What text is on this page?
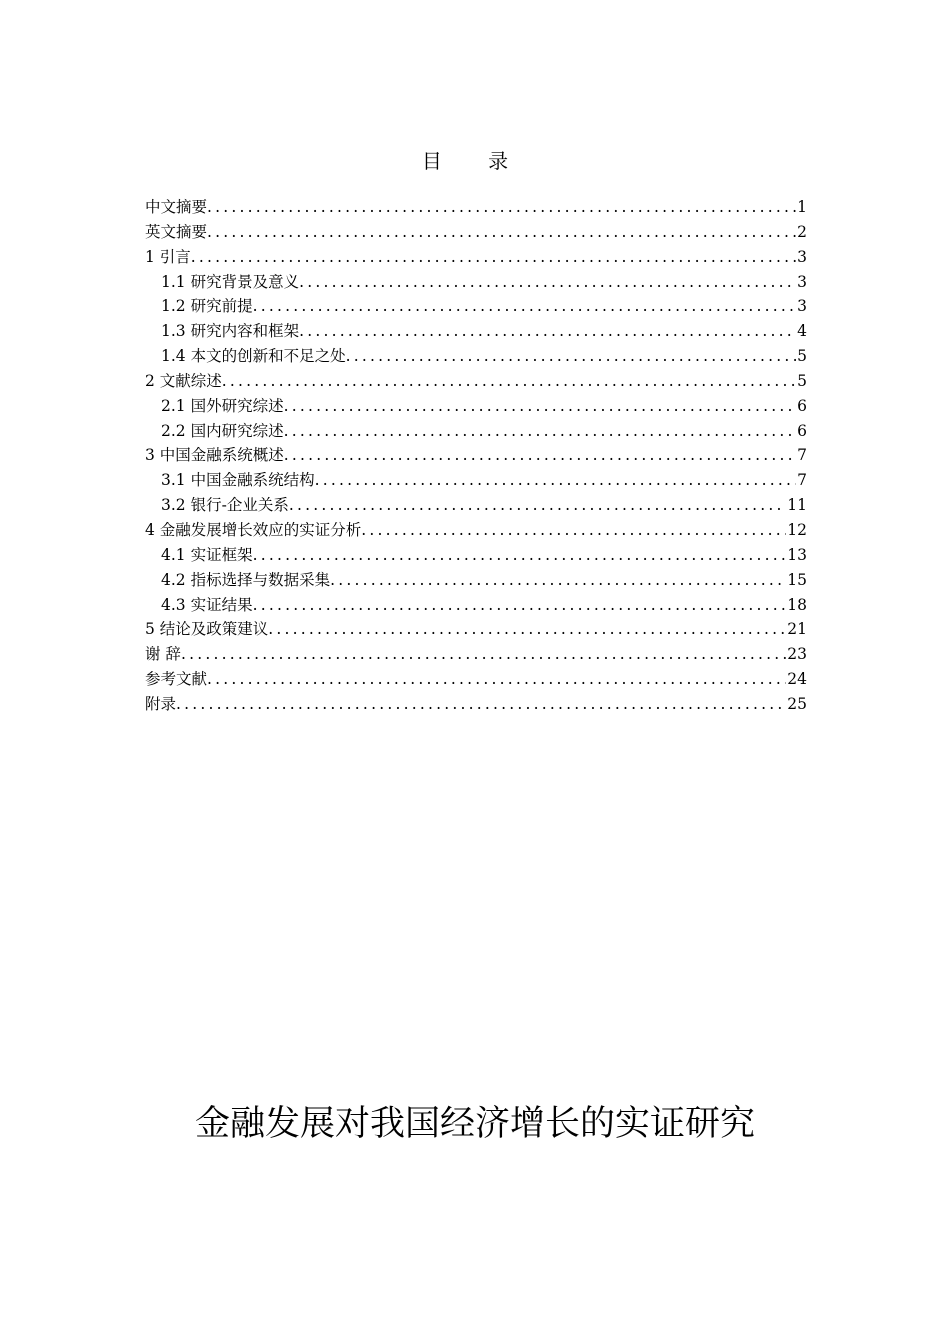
目 录
中文摘要 .....	1
英文摘要 .....	2
1 引言 .....	3
1.1 研究背景及意义 .....	3
1.2 研究前提 .....	3
1.3 研究内容和框架 .....	4
1.4 本文的创新和不足之处 .....	5
2 文献综述 .....	5
2.1 国外研究综述 .....	6
2.2 国内研究综述 .....	6
3 中国金融系统概述 .....	7
3.1 中国金融系统结构 .....	7
3.2 银行-企业关系 .....	11
4 金融发展增长效应的实证分析 .....	12
4.1 实证框架 .....	13
4.2 指标选择与数据采集 .....	15
4.3 实证结果 .....	18
5 结论及政策建议 .....	21
谢 辞 .....	23
参考文献 .....	24
附录 .....	25
金融发展对我国经济增长的实证研究
